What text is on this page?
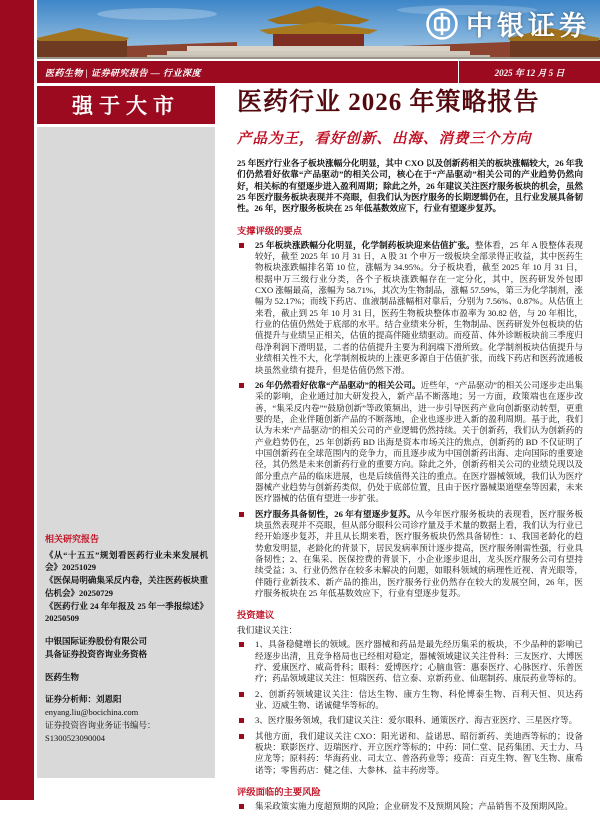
中银证券
医药生物 | 证券研究报告 — 行业深度	2025 年 12 月 5 日
强于大市
相关研究报告
《从“十五五”规划看医药行业未来发展机会》20251029
《医保局明确集采反内卷，关注医药板块重估机会》20250729
《医药行业 24 年年报及 25 年一季报综述》20250509
中银国际证券股份有限公司
具备证券投资咨询业务资格
医药生物
证券分析师：刘恩阳
enyang.liu@bocichina.com
证券投资咨询业务证书编号：S1300523090004
医药行业 2026 年策略报告
产品为王，看好创新、出海、消费三个方向
25 年医疗行业各子板块涨幅分化明显，其中 CXO 以及创新药相关的板块涨幅较大，26 年我们仍然看好依靠“产品驱动”的相关公司，核心在于“产品驱动”相关公司的产业趋势仍然向好，相关标的有望逐步进入盈利周期；除此之外，26 年建议关注医疗服务板块的机会，虽然 25 年医疗服务板块表现并不亮眼，但我们认为医疗服务的长期逻辑仍在，且行业发展具备韧性。26 年，医疗服务板块在 25 年低基数效应下，行业有望逐步复苏。
支撑评级的要点
25 年板块涨跌幅分化明显，化学制药板块迎来估值扩张。整体看，25 年 A 股整体表现较好，截至 2025 年 10 月 31 日，A 股 31 个申万一级板块全部录得正收益，其中医药生物板块涨跌幅排名第 10 位，涨幅为 34.95%。分子板块看，截至 2025 年 10 月 31 日，根据申万三级行业分类，各个子板块涨跌幅存在一定分化，其中，医药研发外包即 CXO 涨幅最高，涨幅为 58.71%，其次为生物制品，涨幅 57.59%，第三为化学制剂，涨幅为 52.17%；而线下药店、血液制品涨幅相对靠后，分别为 7.56%、0.87%。从估值上来看，截止到 25 年 10 月 31 日，医药生物板块整体市盈率为 30.82 倍，与 20 年相比，行业的估值仍然处于底部的水平。结合业绩来分析，生物制品、医药研发外包板块的估值提升与业绩呈正相关，估值的提高伴随业绩驱动。而疫苗、体外诊断板块前三季度归母净利润下滑明显，二者的估值提升主要为利润端下滑所致。化学制剂板块估值提升与业绩相关性不大，化学制剂板块的上涨更多源自于估值扩张，而线下药店和医药流通板块虽然业绩有提升，但是估值仍然下滑。
26 年仍然看好依靠“产品驱动”的相关公司。近些年，“产品驱动”的相关公司逐步走出集采的影响，企业通过加大研发投入，新产品不断落地；另一方面，政策端也在逐步改善，“集采反内卷”“鼓励创新”等政策频出，进一步引导医药产业向创新驱动转型，更重要的是，企业伴随创新产品的不断落地，企业也逐步进入新的盈利周期。基于此，我们认为未来“产品驱动”的相关公司的产业逻辑仍然持续。关于创新药，我们认为创新药的产业趋势仍在，25 年创新药 BD 出海是资本市场关注的焦点，创新药的 BD 不仅证明了中国创新药在全球范围内的竞争力，而且逐步成为中国创新药出海、走向国际的重要途径，其仍然是未来创新药行业的重要方向。除此之外，创新药相关公司的业绩兑现以及部分重点产品的临床进展，也是后续值得关注的重点。在医疗器械领域，我们认为医疗器械产业趋势与创新药类似，仍处于底部位置，且由于医疗器械渠道壁垒等因素，未来医疗器械的估值有望进一步扩张。
医疗服务具备韧性，26 年有望逐步复苏。从今年医疗服务板块的表现看，医疗服务板块虽然表现并不亮眼，但从部分眼科公司诊疗量及手术量的数据上看，我们认为行业已经开始逐步复苏，并且从长期来看，医疗服务板块仍然具备韧性：1、我国老龄化的趋势愈发明显，老龄化的背景下，居民发病率预计逐步提高，医疗服务刚需性强，行业具备韧性；2、在集采、医保控费的背景下，小企业逐步退出，龙头医疗服务公司有望持续受益；3、行业仍然存在较多未解决的问题，如眼科领域的病理性近视、青光眼等，伴随行业新技术、新产品的推出，医疗服务行业仍然存在较大的发展空间，26 年，医疗服务板块在 25 年低基数效应下，行业有望逐步复苏。
投资建议
我们建议关注：
1、具备稳健增长的领域。医疗器械和药品是最先经历集采的板块，不少品种的影响已经逐步出清，且竞争格局也已经相对稳定，器械领域建议关注骨科：三友医疗、大博医疗、爱康医疗、威高骨科；眼科：爱博医疗；心脑血管：惠泰医疗、心脉医疗、乐普医疗；药品领域建议关注：恒瑞医药、信立泰、京新药业、仙琚制药、康辰药业等标的。
2、创新药领域建议关注：信达生物、康方生物、科伦博泰生物、百利天恒、贝达药业、迈威生物、诺诚健华等标的。
3、医疗服务领域，我们建议关注：爱尔眼科、通策医疗、海吉亚医疗、三星医疗等。
其他方面，我们建议关注 CXO：阳光诺和、益诺思、昭衍新药、美迪西等标的；设备板块：联影医疗、迈瑞医疗、开立医疗等标的；中药：同仁堂、昆药集团、天士力、马应龙等；原料药：华海药业、司太立、普洛药业等；疫苗：百克生物、智飞生物、康希诺等；零售药店：健之佳、大参林、益丰药房等。
评级面临的主要风险
集采政策实施力度超预期的风险；企业研发不及预期风险；产品销售不及预期风险。
